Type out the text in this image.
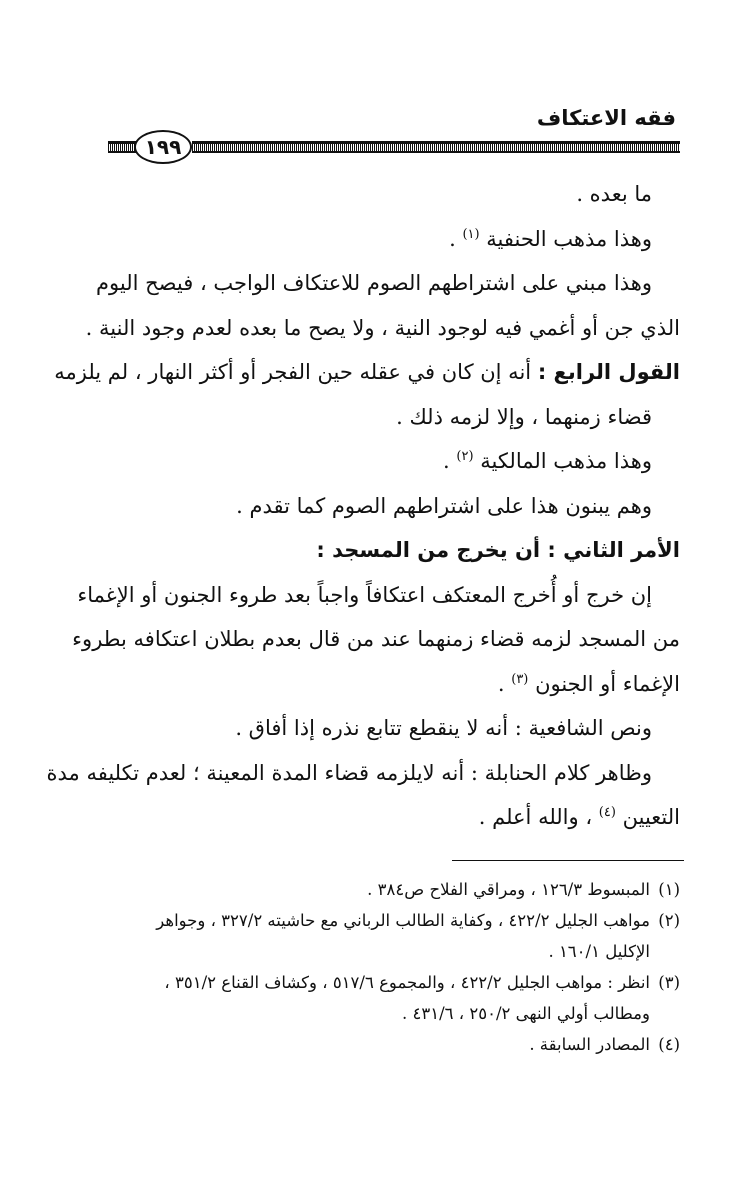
فقه الاعتكاف
١٩٩
ما بعده .
وهذا مذهب الحنفية $^{(١)}$ .
وهذا مبني على اشتراطهم الصوم للاعتكاف الواجب ، فيصح اليوم
الذي جن أو أغمي فيه لوجود النية ، ولا يصح ما بعده لعدم وجود النية .
القول الرابع : أنه إن كان في عقله حين الفجر أو أكثر النهار ، لم يلزمه
قضاء زمنهما ، وإلا لزمه ذلك .
وهذا مذهب المالكية $^{(٢)}$ .
وهم يبنون هذا على اشتراطهم الصوم كما تقدم .
الأمر الثاني : أن يخرج من المسجد :
إن خرج أو أُخرج المعتكف اعتكافاً واجباً بعد طروء الجنون أو الإغماء
من المسجد لزمه قضاء زمنهما عند من قال بعدم بطلان اعتكافه بطروء
الإغماء أو الجنون $^{(٣)}$ .
ونص الشافعية : أنه لا ينقطع تتابع نذره إذا أفاق .
وظاهر كلام الحنابلة : أنه لايلزمه قضاء المدة المعينة ؛ لعدم تكليفه مدة
التعيين $^{(٤)}$ ، والله أعلم .
(١)المبسوط ١٢٦/٣ ، ومراقي الفلاح ص٣٨٤ .
(٢)مواهب الجليل ٤٢٢/٢ ، وكفاية الطالب الرباني مع حاشيته ٣٢٧/٢ ، وجواهر
الإكليل ١٦٠/١ .
(٣)انظر : مواهب الجليل ٤٢٢/٢ ، والمجموع ٥١٧/٦ ، وكشاف القناع ٣٥١/٢ ،
ومطالب أولي النهى ٢٥٠/٢ ، ٤٣١/٦ .
(٤)المصادر السابقة .
